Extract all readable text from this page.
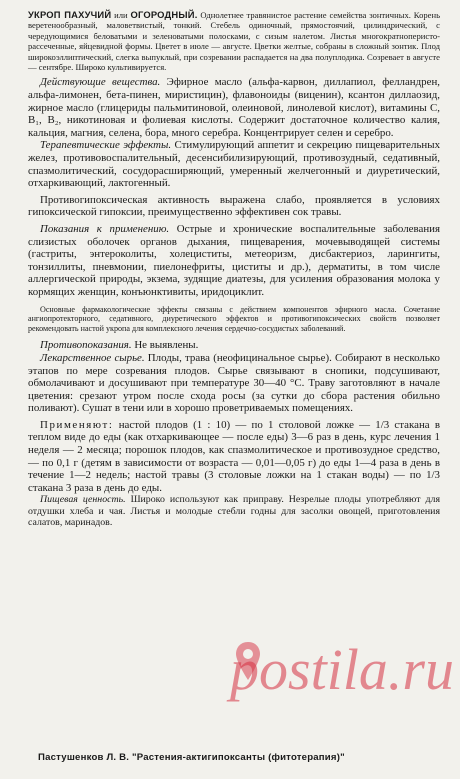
УКРОП ПАХУЧИЙ или ОГОРОДНЫЙ. Однолетнее травянистое растение семейства зонтичных. Корень веретенообразный, маловетвистый, тонкий. Стебель одиночный, прямостоячий, цилиндрический, с чередующимися беловатыми и зеленоватыми полосками, с сизым налетом. Листья многократноперисто-рассеченные, яйцевидной формы. Цветет в июле — августе. Цветки желтые, собраны в сложный зонтик. Плод широкоэллиптический, слегка выпуклый, при созревании распадается на два полуплодика. Созревает в августе — сентябре. Широко культивируется.

Действующие вещества. Эфирное масло (альфа-карвон, диллапиол, фелландрен, альфа-лимонен, бета-пинен, миристицин), флавоноиды (виценин), ксантон диллаозид, жирное масло (глицериды пальмитиновой, олеиновой, линолевой кислот), витамины С, B₁, B₂, никотиновая и фолиевая кислоты. Содержит достаточное количество калия, кальция, магния, селена, бора, много серебра. Концентрирует селен и серебро.

Терапевтические эффекты. Стимулирующий аппетит и секрецию пищеварительных желез, противовоспалительный, десенсибилизирующий, противозудный, седативный, спазмолитический, сосудорасширяющий, умеренный желчегонный и диуретический, отхаркивающий, лактогенный.

Противогипоксическая активность выражена слабо, проявляется в условиях гипоксической гипоксии, преимущественно эффективен сок травы.

Показания к применению. Острые и хронические воспалительные заболевания слизистых оболочек органов дыхания, пищеварения, мочевыводящей системы (гастриты, энтероколиты, холециститы, метеоризм, дисбактериоз, ларингиты, тонзиллиты, пневмонии, пиелонефриты, циститы и др.), дерматиты, в том числе аллергической природы, экзема, зудящие диатезы, для усиления образования молока у кормящих женщин, конъюнктивиты, иридоциклит.

Основные фармакологические эффекты связаны с действием компонентов эфирного масла. Сочетание ангиопротекторного, седативного, диуретического эффектов и противогипоксических свойств позволяет рекомендовать настой укропа для комплексного лечения сердечно-сосудистых заболеваний.

Противопоказания. Не выявлены.

Лекарственное сырье. Плоды, трава (неофицинальное сырье). Собирают в несколько этапов по мере созревания плодов. Сырье связывают в снопики, подсушивают, обмолачивают и досушивают при температуре 30—40 °С. Траву заготовляют в начале цветения: срезают утром после схода росы (за сутки до сбора растения обильно поливают). Сушат в тени или в хорошо проветриваемых помещениях.

Применяют: настой плодов (1 : 10) — по 1 столовой ложке — 1/3 стакана в теплом виде до еды (как отхаркивающее — после еды) 3—6 раз в день, курс лечения 1 неделя — 2 месяца; порошок плодов, как спазмолитическое и противозудное средство, — по 0,1 г (детям в зависимости от возраста — 0,01—0,05 г) до еды 1—4 раза в день в течение 1—2 недель; настой травы (3 столовые ложки на 1 стакан воды) — по 1/3 стакана 3 раза в день до еды.

Пищевая ценность. Широко используют как приправу. Незрелые плоды употребляют для отдушки хлеба и чая. Листья и молодые стебли годны для засолки овощей, приготовления салатов, маринадов.

postila.ru
Пастушенков Л. В. "Растения-актигипоксанты (фитотерапия)"
